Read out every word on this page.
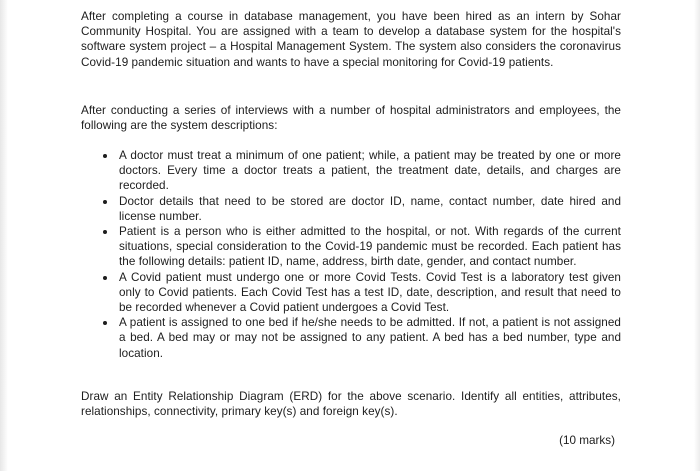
After completing a course in database management, you have been hired as an intern by Sohar Community Hospital. You are assigned with a team to develop a database system for the hospital's software system project – a Hospital Management System. The system also considers the coronavirus Covid-19 pandemic situation and wants to have a special monitoring for Covid-19 patients.

After conducting a series of interviews with a number of hospital administrators and employees, the following are the system descriptions:

A doctor must treat a minimum of one patient; while, a patient may be treated by one or more doctors. Every time a doctor treats a patient, the treatment date, details, and charges are recorded.
Doctor details that need to be stored are doctor ID, name, contact number, date hired and license number.
Patient is a person who is either admitted to the hospital, or not. With regards of the current situations, special consideration to the Covid-19 pandemic must be recorded. Each patient has the following details: patient ID, name, address, birth date, gender, and contact number.
A Covid patient must undergo one or more Covid Tests. Covid Test is a laboratory test given only to Covid patients. Each Covid Test has a test ID, date, description, and result that need to be recorded whenever a Covid patient undergoes a Covid Test.
A patient is assigned to one bed if he/she needs to be admitted. If not, a patient is not assigned a bed. A bed may or may not be assigned to any patient. A bed has a bed number, type and location.

Draw an Entity Relationship Diagram (ERD) for the above scenario. Identify all entities, attributes, relationships, connectivity, primary key(s) and foreign key(s).

(10 marks)
